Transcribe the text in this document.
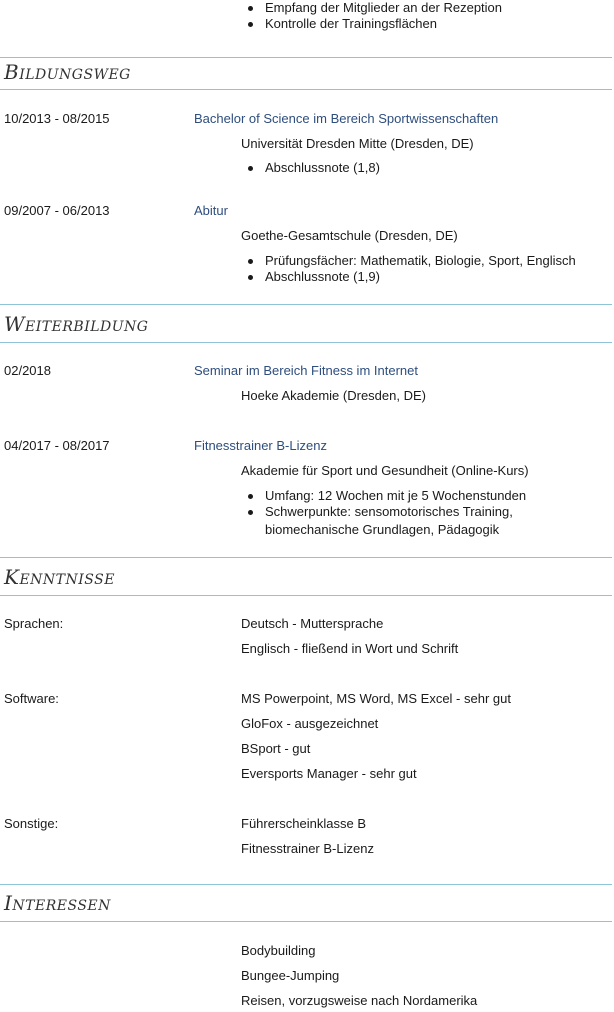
Empfang der Mitglieder an der Rezeption
Kontrolle der Trainingsflächen
Bildungsweg
10/2013 - 08/2015	Bachelor of Science im Bereich Sportwissenschaften
Universität Dresden Mitte (Dresden, DE)
Abschlussnote (1,8)
09/2007 - 06/2013	Abitur
Goethe-Gesamtschule (Dresden, DE)
Prüfungsfächer: Mathematik, Biologie, Sport, Englisch
Abschlussnote (1,9)
Weiterbildung
02/2018	Seminar im Bereich Fitness im Internet
Hoeke Akademie (Dresden, DE)
04/2017 - 08/2017	Fitnesstrainer B-Lizenz
Akademie für Sport und Gesundheit (Online-Kurs)
Umfang: 12 Wochen mit je 5 Wochenstunden
Schwerpunkte: sensomotorisches Training,
biomechanische Grundlagen, Pädagogik
Kenntnisse
Sprachen:	Deutsch - Muttersprache
Englisch - fließend in Wort und Schrift
Software:	MS Powerpoint, MS Word, MS Excel - sehr gut
GloFox - ausgezeichnet
BSport - gut
Eversports Manager - sehr gut
Sonstige:	Führerscheinklasse B
Fitnesstrainer B-Lizenz
Interessen
Bodybuilding
Bungee-Jumping
Reisen, vorzugsweise nach Nordamerika
